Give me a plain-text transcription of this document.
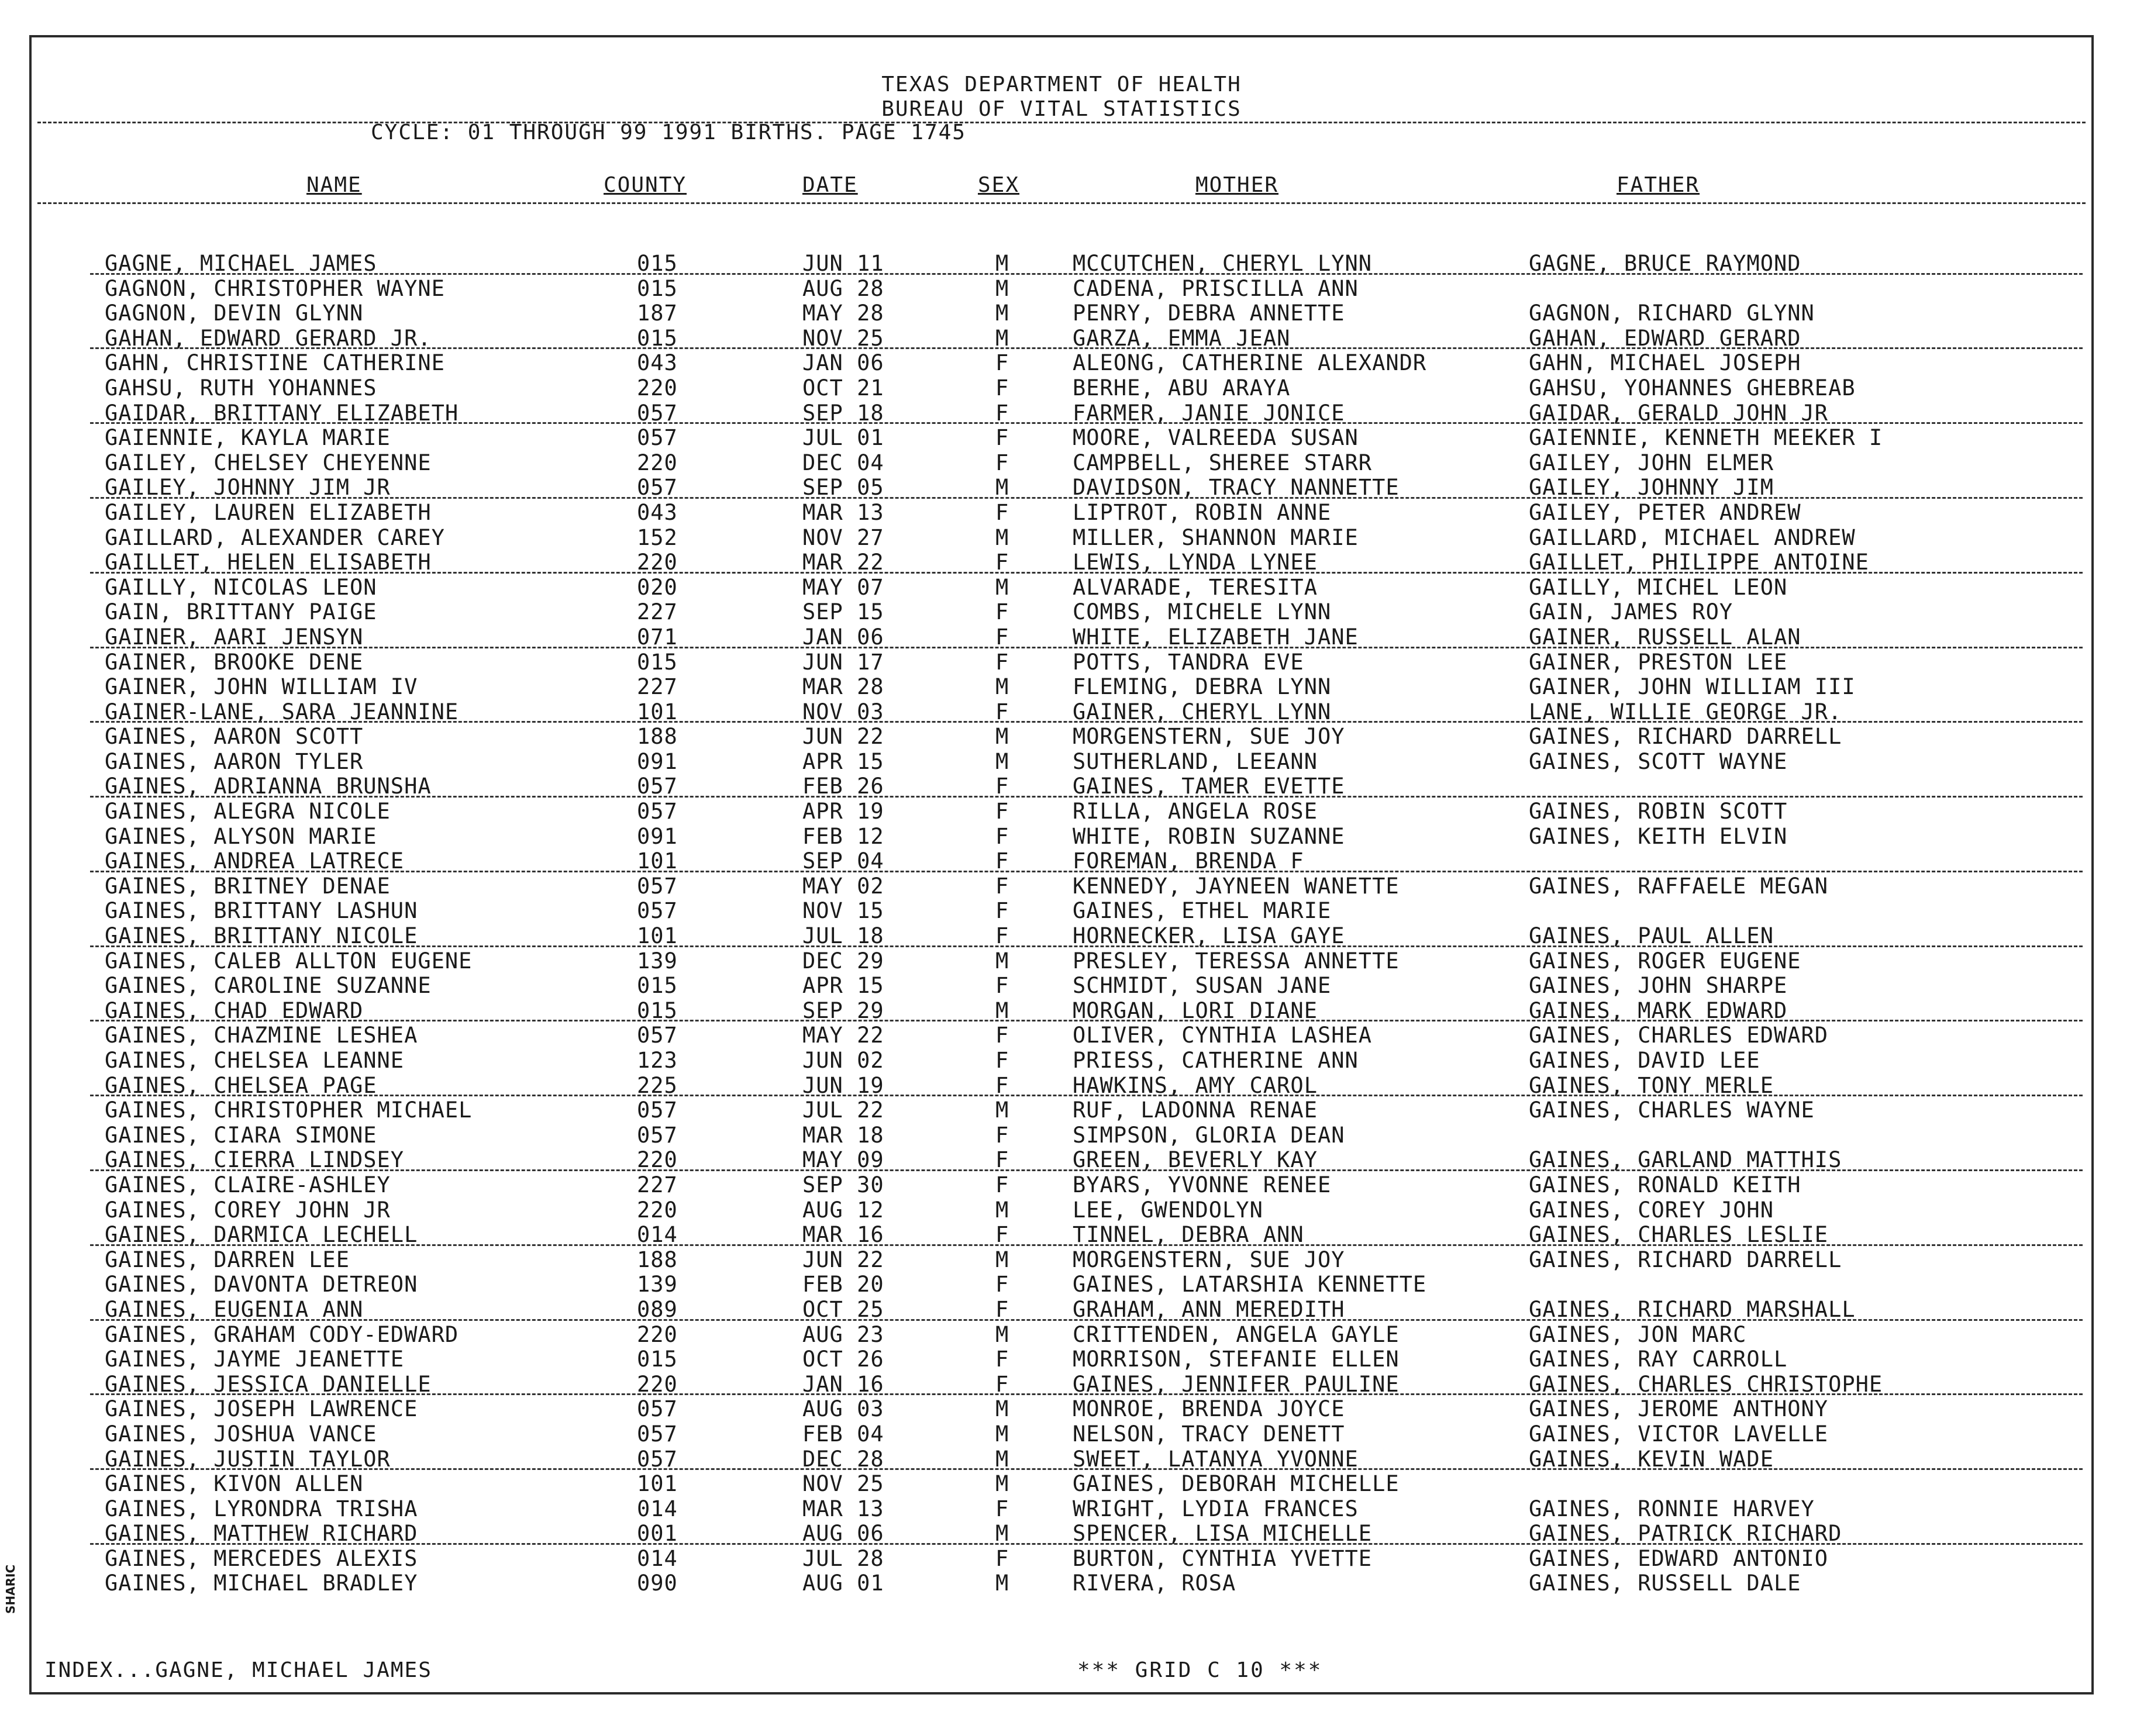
SHARIC
TEXAS DEPARTMENT OF HEALTH
BUREAU OF VITAL STATISTICS
CYCLE: 01 THROUGH 99 1991 BIRTHS. PAGE 1745
NAME	COUNTY	DATE	SEX	MOTHER	FATHER
GAGNE, MICHAEL JAMES	015	JUN 11	M	MCCUTCHEN, CHERYL LYNN	GAGNE, BRUCE RAYMOND
GAGNON, CHRISTOPHER WAYNE	015	AUG 28	M	CADENA, PRISCILLA ANN
GAGNON, DEVIN GLYNN	187	MAY 28	M	PENRY, DEBRA ANNETTE	GAGNON, RICHARD GLYNN
GAHAN, EDWARD GERARD JR.	015	NOV 25	M	GARZA, EMMA JEAN	GAHAN, EDWARD GERARD
GAHN, CHRISTINE CATHERINE	043	JAN 06	F	ALEONG, CATHERINE ALEXANDR	GAHN, MICHAEL JOSEPH
GAHSU, RUTH YOHANNES	220	OCT 21	F	BERHE, ABU ARAYA	GAHSU, YOHANNES GHEBREAB
GAIDAR, BRITTANY ELIZABETH	057	SEP 18	F	FARMER, JANIE JONICE	GAIDAR, GERALD JOHN JR
GAIENNIE, KAYLA MARIE	057	JUL 01	F	MOORE, VALREEDA SUSAN	GAIENNIE, KENNETH MEEKER I
GAILEY, CHELSEY CHEYENNE	220	DEC 04	F	CAMPBELL, SHEREE STARR	GAILEY, JOHN ELMER
GAILEY, JOHNNY JIM JR	057	SEP 05	M	DAVIDSON, TRACY NANNETTE	GAILEY, JOHNNY JIM
GAILEY, LAUREN ELIZABETH	043	MAR 13	F	LIPTROT, ROBIN ANNE	GAILEY, PETER ANDREW
GAILLARD, ALEXANDER CAREY	152	NOV 27	M	MILLER, SHANNON MARIE	GAILLARD, MICHAEL ANDREW
GAILLET, HELEN ELISABETH	220	MAR 22	F	LEWIS, LYNDA LYNEE	GAILLET, PHILIPPE ANTOINE
GAILLY, NICOLAS LEON	020	MAY 07	M	ALVARADE, TERESITA	GAILLY, MICHEL LEON
GAIN, BRITTANY PAIGE	227	SEP 15	F	COMBS, MICHELE LYNN	GAIN, JAMES ROY
GAINER, AARI JENSYN	071	JAN 06	F	WHITE, ELIZABETH JANE	GAINER, RUSSELL ALAN
GAINER, BROOKE DENE	015	JUN 17	F	POTTS, TANDRA EVE	GAINER, PRESTON LEE
GAINER, JOHN WILLIAM IV	227	MAR 28	M	FLEMING, DEBRA LYNN	GAINER, JOHN WILLIAM III
GAINER-LANE, SARA JEANNINE	101	NOV 03	F	GAINER, CHERYL LYNN	LANE, WILLIE GEORGE JR.
GAINES, AARON SCOTT	188	JUN 22	M	MORGENSTERN, SUE JOY	GAINES, RICHARD DARRELL
GAINES, AARON TYLER	091	APR 15	M	SUTHERLAND, LEEANN	GAINES, SCOTT WAYNE
GAINES, ADRIANNA BRUNSHA	057	FEB 26	F	GAINES, TAMER EVETTE
GAINES, ALEGRA NICOLE	057	APR 19	F	RILLA, ANGELA ROSE	GAINES, ROBIN SCOTT
GAINES, ALYSON MARIE	091	FEB 12	F	WHITE, ROBIN SUZANNE	GAINES, KEITH ELVIN
GAINES, ANDREA LATRECE	101	SEP 04	F	FOREMAN, BRENDA F
GAINES, BRITNEY DENAE	057	MAY 02	F	KENNEDY, JAYNEEN WANETTE	GAINES, RAFFAELE MEGAN
GAINES, BRITTANY LASHUN	057	NOV 15	F	GAINES, ETHEL MARIE
GAINES, BRITTANY NICOLE	101	JUL 18	F	HORNECKER, LISA GAYE	GAINES, PAUL ALLEN
GAINES, CALEB ALLTON EUGENE	139	DEC 29	M	PRESLEY, TERESSA ANNETTE	GAINES, ROGER EUGENE
GAINES, CAROLINE SUZANNE	015	APR 15	F	SCHMIDT, SUSAN JANE	GAINES, JOHN SHARPE
GAINES, CHAD EDWARD	015	SEP 29	M	MORGAN, LORI DIANE	GAINES, MARK EDWARD
GAINES, CHAZMINE LESHEA	057	MAY 22	F	OLIVER, CYNTHIA LASHEA	GAINES, CHARLES EDWARD
GAINES, CHELSEA LEANNE	123	JUN 02	F	PRIESS, CATHERINE ANN	GAINES, DAVID LEE
GAINES, CHELSEA PAGE	225	JUN 19	F	HAWKINS, AMY CAROL	GAINES, TONY MERLE
GAINES, CHRISTOPHER MICHAEL	057	JUL 22	M	RUF, LADONNA RENAE	GAINES, CHARLES WAYNE
GAINES, CIARA SIMONE	057	MAR 18	F	SIMPSON, GLORIA DEAN
GAINES, CIERRA LINDSEY	220	MAY 09	F	GREEN, BEVERLY KAY	GAINES, GARLAND MATTHIS
GAINES, CLAIRE-ASHLEY	227	SEP 30	F	BYARS, YVONNE RENEE	GAINES, RONALD KEITH
GAINES, COREY JOHN JR	220	AUG 12	M	LEE, GWENDOLYN	GAINES, COREY JOHN
GAINES, DARMICA LECHELL	014	MAR 16	F	TINNEL, DEBRA ANN	GAINES, CHARLES LESLIE
GAINES, DARREN LEE	188	JUN 22	M	MORGENSTERN, SUE JOY	GAINES, RICHARD DARRELL
GAINES, DAVONTA DETREON	139	FEB 20	F	GAINES, LATARSHIA KENNETTE
GAINES, EUGENIA ANN	089	OCT 25	F	GRAHAM, ANN MEREDITH	GAINES, RICHARD MARSHALL
GAINES, GRAHAM CODY-EDWARD	220	AUG 23	M	CRITTENDEN, ANGELA GAYLE	GAINES, JON MARC
GAINES, JAYME JEANETTE	015	OCT 26	F	MORRISON, STEFANIE ELLEN	GAINES, RAY CARROLL
GAINES, JESSICA DANIELLE	220	JAN 16	F	GAINES, JENNIFER PAULINE	GAINES, CHARLES CHRISTOPHE
GAINES, JOSEPH LAWRENCE	057	AUG 03	M	MONROE, BRENDA JOYCE	GAINES, JEROME ANTHONY
GAINES, JOSHUA VANCE	057	FEB 04	M	NELSON, TRACY DENETT	GAINES, VICTOR LAVELLE
GAINES, JUSTIN TAYLOR	057	DEC 28	M	SWEET, LATANYA YVONNE	GAINES, KEVIN WADE
GAINES, KIVON ALLEN	101	NOV 25	M	GAINES, DEBORAH MICHELLE
GAINES, LYRONDRA TRISHA	014	MAR 13	F	WRIGHT, LYDIA FRANCES	GAINES, RONNIE HARVEY
GAINES, MATTHEW RICHARD	001	AUG 06	M	SPENCER, LISA MICHELLE	GAINES, PATRICK RICHARD
GAINES, MERCEDES ALEXIS	014	JUL 28	F	BURTON, CYNTHIA YVETTE	GAINES, EDWARD ANTONIO
GAINES, MICHAEL BRADLEY	090	AUG 01	M	RIVERA, ROSA	GAINES, RUSSELL DALE
INDEX...GAGNE, MICHAEL JAMES	*** GRID C 10 ***
